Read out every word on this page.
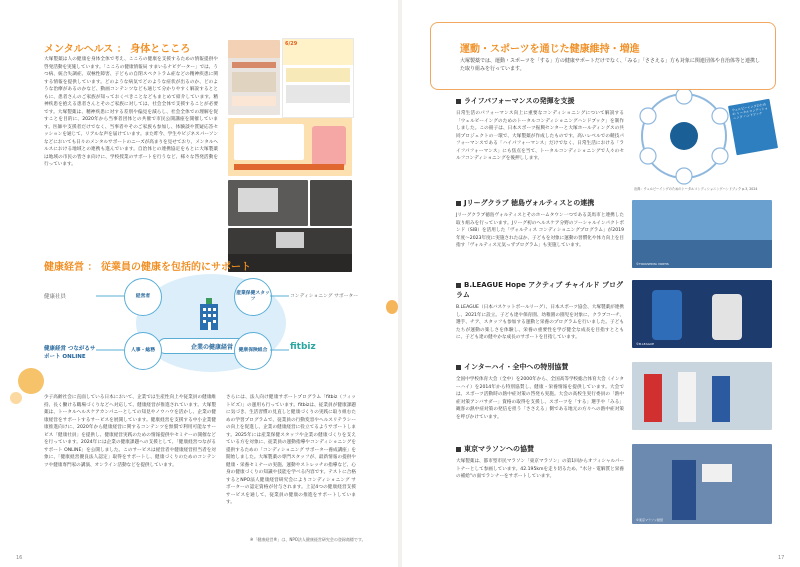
メンタルヘルス ： 身体とこころ
大塚製薬は人の健康を身体全体で考え、こころの健康を支援するための情報提供や啓発活動を実施しています。「こころの健康情報局 すまいるナビゲーター」では、うつ病、統合失調症、双極性障害、子どもの自閉スペクトラム症などの精神疾患に関する情報を提供しています。どのような病気でどのような症状が出るのか、どのような治療があるのかなど、動画コンテンツなども通じて分かりやすく解説するとともに、患者さんのご家族が知っておくべきことなどもまとめて紹介しています。精神疾患を抱える患者さんとそのご家族に対しては、社会全体で支援することが必要です。大塚製薬は、精神疾患に対する差別や偏見を減らし、社会全体での理解を促すことを目的に、2020年から当事者団体との共催で市民公開講座を開催しています。医師や支援者だけでなく、当事者やそのご家族も参加し、体験談や質疑応答セッションを通じて、リアルな声を届けています。また昨今、学生やビジネスパーソンなどにおいても日々のメンタルサポートのニーズが高まりを見せており、メンタルヘルスにおける地域との連携も進んでいます。自治体との連携協定をもとに大塚製薬は地域の市民の皆さま向けに、学校授業のサポートを行うなど、様々な啓発活動を行っています。
6/29
健康経営 ： 従業員の健康を包括的にサポート
企業の健康経営
経営者
産業保健スタッフ
人事・総務	健康保険組合
健康社員	コンディショニング サポーター
健康経営 つながるサポート ONLINE
fitbiz
少子高齢社会に直面している日本において、企業では生産性向上や従業員の健康維持、長く働ける職場づくりなどへ対応して、健康経営が推進されています。大塚製薬は、トータルヘルスケアカンパニーとしての知見やノウハウを活かし、企業の健康経営をサポートするサービスを展開しています。健康経営を支援する中小企業健康推進向けに、2020年から健康経営に関するコンテンツを無償で利用可能なサービス「健康社員」を提供し、健康経営実践のための情報提供やセミナーの開催などを行っています。2024年には企業の健康課題への支援として、「健康経営つながるサポート ONLINE」を公開しました。このサービスは経営者や健康経営担当者を対象に、「健康経営優良法人認定」取得をサポートし、健康づくりのためのコンテンツや健康専門家の講演、オンライン活動などを提供しています。
さらには、法人向け健康サポートプログラム「fitbiz（フィットビズ）」の運用も行っています。fitbizは、従業員が健康課題に気づき、生活習慣の見直しと健康づくりの実践に取り組むための学習プログラムで、従業員の行動変容やヘルスリテラシーの向上を促進し、企業の健康経営に役立てるようサポートします。2025年には産業保健スタッフや企業の健康づくりを支えている方を対象に、従業員の運動指導やコンディショニングを提供するための「コンディショニング サポーター養成講座」を開始しました。大塚製薬の専門スタッフが、最新情報の提供や健康・栄養セミナーの実施、運動やストレッチの指導など、心身の健康づくりの知識や技能を学べる内容です。テストに合格するとNPO法人健康経営研究会によりコンディショニング サポーターの認定資格が付与されます。上記4つの健康経営支援サービスを通して、従業員の健康の推進をサポートしています。
※「健康経営®」は、NPO法人健康経営研究会の登録商標です。
16
運動・スポーツを通じた健康維持・増進
大塚製薬では、運動・スポーツを「する」方の健康サポートだけでなく、「みる」「ささえる」方も対象に関連団体や自治体等と連携した取り組みを行っています。
ライフパフォーマンスの発揮を支援
日常生活のパフォーマンス向上に重要なコンディショニングについて解説する「ウェルビーイングのためのトータルコンディショニングハンドブック」を制作しました。この冊子は、日本スポーツ振興センターと大塚ホールディングスの共同プロジェクトの一環で、大塚製薬が作成したものです。高いレベルでの競技パフォーマンスである「ハイパフォーマンス」だけでなく、日常生活における「ライフパフォーマンス」にも焦点を当て、トータルコンディショニングで人々のセルフコンディショニングを後押しします。
ウェルビーイングのための トータルコンディショニング ハンドブック
出典：ウェルビーイングのためのトータルコンディショニングハンドブック p.3, 2024
Jリーグクラブ 徳島ヴォルティスとの連携
Jリーグクラブ徳島ヴォルティスとそのホームタウン一つである美馬市と連携した取り組みを行っています。Jリーグ初のヘルスケア分野のソーシャルインパクトボンド（SIB）を活用した「ヴォルティス コンディショニングプログラム」が2019年度～2023年度に実施されたほか、子どもを対象に運動の習慣化や体力向上を目指す「ヴォルティス元気っずプログラム」も実施しています。
©TOKUSHIMA VORTIS
B.LEAGUE Hope アクティブ チャイルド プログラム
B.LEAGUE（日本バスケットボールリーグ）、日本スポーツ協会、大塚製薬が連携し、2021年に設立。子ども達や保育園、幼稚園の園児を対象に、クラブコーチ、選手、チア、スタッフも参加する運動と栄養のプログラムを行いました。子どもたちが運動の楽しさを体験し、栄養の重要性を学び健全な成長を目指すとともに、子ども達の健やかな成長のサポートを目指しています。
©B.LEAGUE
インターハイ・全中への特別協賛
全国中学校体育大会（全中）を2000年から、全国高等学校総合体育大会（インターハイ）を2014年から特別協賛し、健康・栄養情報を提供しています。大会では、スポーツ活動時の熱中症対策の啓発も実施。大会の高校生実行委員の「熱中症対策アンバサダー」資格の取得を支援し、スポーツを「する」選手や「みる」観客の熱中症対策の発信を担う「ささえる」側である地元の方々への熱中症対策を呼びかけています。
東京マラソンへの協賛
大塚製薬は、都市型市民マラソン「東京マラソン」の第1回からオフィシャルパートナーとして参画しています。42.195kmを走り切るため、"水分・電解質と栄養の補給"の面でランナーをサポートしています。
©東京マラソン財団
17
